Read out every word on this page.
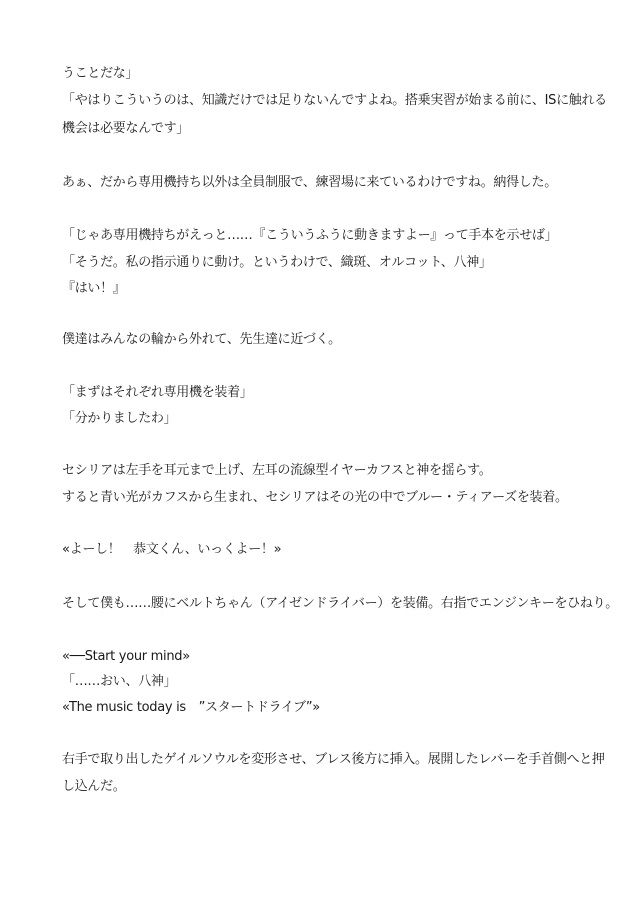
うことだな」
「やはりこういうのは、知識だけでは足りないんですよね。搭乗実習が始まる前に、ISに触れる
機会は必要なんです」
あぁ、だから専用機持ち以外は全員制服で、練習場に来ているわけですね。納得した。
「じゃあ専用機持ちがえっと……『こういうふうに動きますよー』って手本を示せば」
「そうだ。私の指示通りに動け。というわけで、織斑、オルコット、八神」
『はい！』
僕達はみんなの輪から外れて、先生達に近づく。
「まずはそれぞれ専用機を装着」
「分かりましたわ」
セシリアは左手を耳元まで上げ、左耳の流線型イヤーカフスと神を揺らす。
すると青い光がカフスから生まれ、セシリアはその光の中でブルー・ティアーズを装着。
«よーし！　恭文くん、いっくよー！»
そして僕も……腰にベルトちゃん（アイゼンドライバー）を装備。右指でエンジンキーをひねり。
«──Start your mind»
「……おい、八神」
«The music today is　”スタートドライブ”»
右手で取り出したゲイルソウルを変形させ、ブレス後方に挿入。展開したレバーを手首側へと押
し込んだ。
